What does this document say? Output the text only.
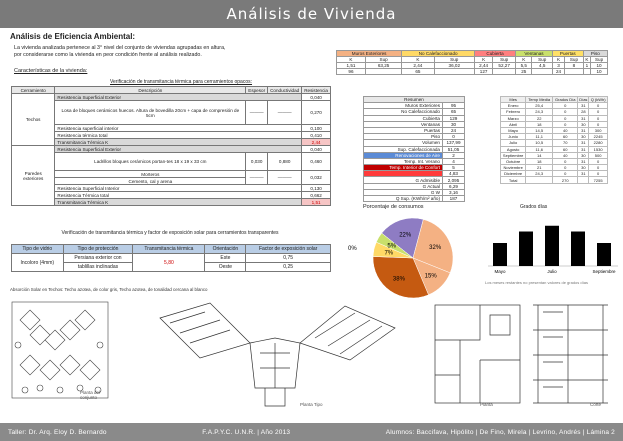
Análisis de Vivienda
Análisis de Eficiencia Ambiental:
La vivienda analizada pertenece al 3° nivel del conjunto de viviendas agrupadas en altura,
por considerarse como la vivienda en peor condición frente al análisis realizado.
Características de la vivienda:
Verificación de transmitancia térmica para cerramientos opacos:
Cerramiento	Descripción	Espesor	Conductividad	Resistencia
Techos	Resistencia Superficial Exterior			0,040
	Losa de bloques cerámicos huecos. Altura de bovedilla 20cm + capa de compresión de 5cm	———	———	0,270
	Resistencia superficial interior			0,100
	Resistencia térmica total			0,410
	Transmitancia Térmica K			2,44
Paredes exteriores	Resistencia Superficial Exterior			0,040
	Ladrillos bloques cerámicos portan-tes 18 x 19 x 33 cm	0,030	0,880	0,460
	Morteros	———	———	0,032
	Cemento, cal y arena			
	Resistencia Superficial Interior			0,130
	Resistencia Térmica total			0,662
	Transmitancia Térmica K			1,51
Verificación de transmitancia térmica y factor de exposición solar para cerramientos transparentes
Tipo de vidrio	Tipo de protección	Transmitancia térmica	Orientación	Factor de exposición solar
Incoloro (4mm)	Persiana exterior con	5,80	Este	0,75
	tablillas inclinadas		Oeste	0,25
Absorción Solar en Techos: Techo azotea, de color gris, Techo azotea, de tonalidad cercana al blanco
Muros Exteriores		No Calefaccionado		Cubierta		Ventanas		Puertas		Piso	
K	Sup	K	Sup	K	Sup	K	Sup	K	Sup	K	Sup
1,51	63,25	2,44	36,02	2,44	52,27	5,5	4,5	3	8	1	10
96		65		127		25		24			10
Resumen	
Muros Exteriores	95
No Calefaccionado	65
Cubierta	129
Ventanas	30
Puertas	24
Piso	0
Volumen	137,99
Sup. Calefaccionada	51,05
Renovaciones de Aire	2
Temp. Int. Verano	4
Temp. Interior de Confort	5
	4,83
G Admisible	2,095
G Actual	6,29
G W	3,16
Q Sup. (KWh/m² año)	187
Mes	Temp Media	Grados Día	Días	Q (kWh)
Enero	25,4	0	31	0
Febrero	24,3	0	28	0
Marzo	22	0	31	0
Abril	18	0	30	0
Mayo	14,5	40	31	300
Junio	11,1	60	30	2245
Julio	10,5	70	31	2280
Agosto	11,6	60	31	1530
Septiembre	14	40	30	500
Octubre	18	0	31	0
Noviembre	21	0	30	0
Diciembre	24,3	0	31	0
Total		270		7255
Porcentaje de consumos
22%
32%
15%
38%
7%
5%
0%
Grados días
Mayo	Julio	Septiembre
Los meses restantes no presentan valores de grados días
Planta del conjunto
Planta Tipo	Planta	Corte
Taller: Dr. Arq. Eloy D. Bernardo	F.A.P.Y.C. U.N.R. | Año 2013	Alumnos: Baccifava, Hipólito | De Fino, Mirela | Levrino, Andrés | Lámina 2
